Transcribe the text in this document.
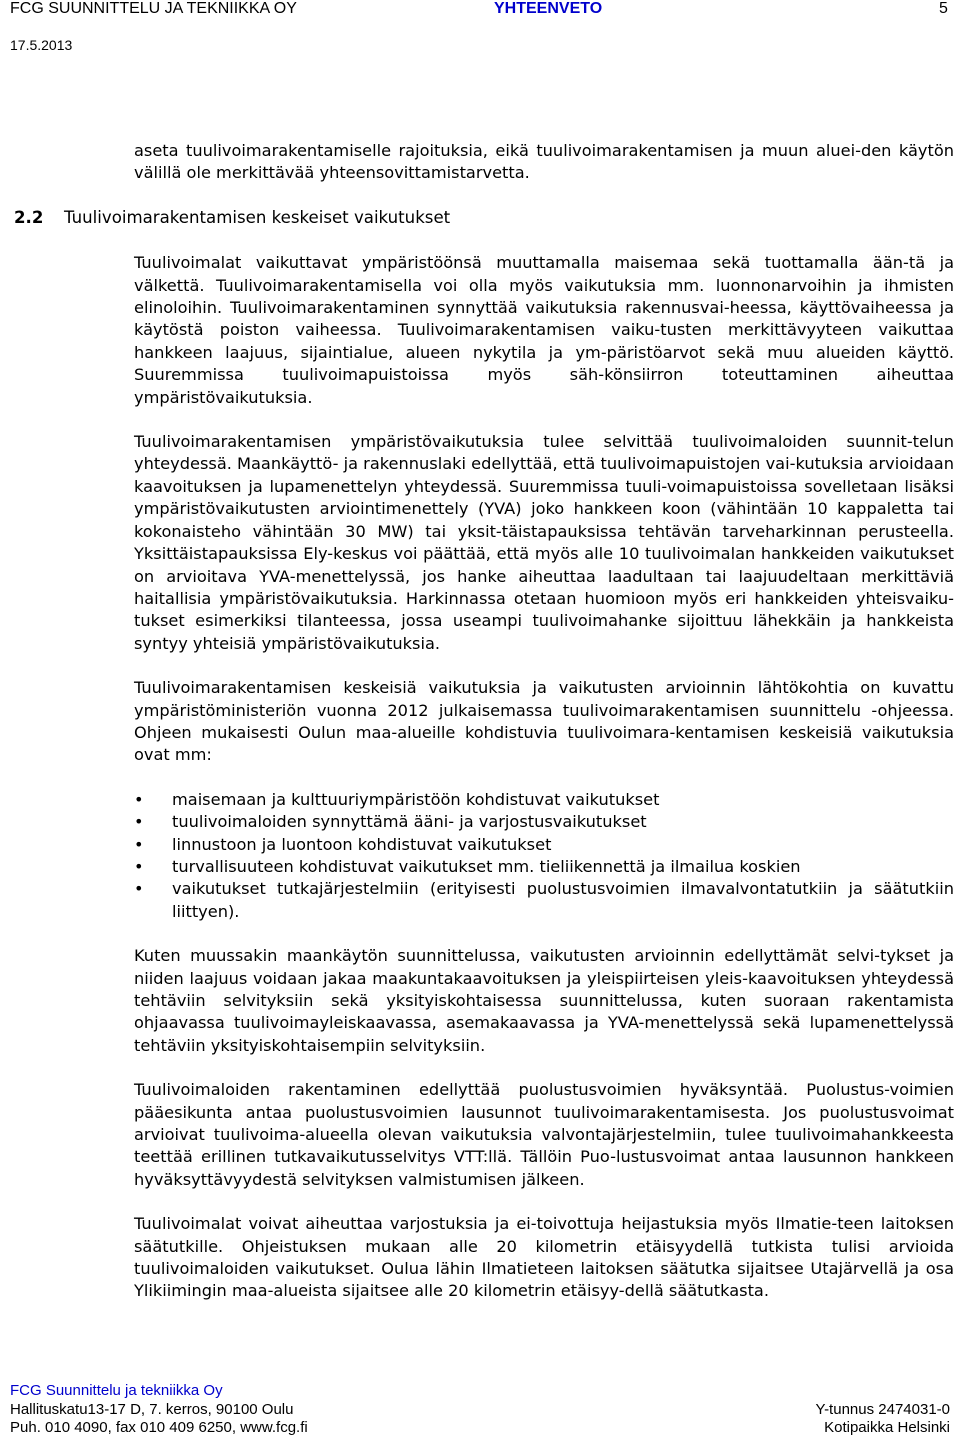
FCG SUUNNITTELU JA TEKNIIKKA OY	YHTEENVETO	5
17.5.2013

aseta tuulivoimarakentamiselle rajoituksia, eikä tuulivoimarakentamisen ja muun aluei-den käytön välillä ole merkittävää yhteensovittamistarvetta.

2.2 Tuulivoimarakentamisen keskeiset vaikutukset

Tuulivoimalat vaikuttavat ympäristöönsä muuttamalla maisemaa sekä tuottamalla ään-tä ja välkettä. Tuulivoimarakentamisella voi olla myös vaikutuksia mm. luonnonarvoihin ja ihmisten elinoloihin. Tuulivoimarakentaminen synnyttää vaikutuksia rakennusvai-heessa, käyttövaiheessa ja käytöstä poiston vaiheessa. Tuulivoimarakentamisen vaiku-tusten merkittävyyteen vaikuttaa hankkeen laajuus, sijaintialue, alueen nykytila ja ym-päristöarvot sekä muu alueiden käyttö. Suuremmissa tuulivoimapuistoissa myös säh-könsiirron toteuttaminen aiheuttaa ympäristövaikutuksia.

Tuulivoimarakentamisen ympäristövaikutuksia tulee selvittää tuulivoimaloiden suunnit-telun yhteydessä. Maankäyttö- ja rakennuslaki edellyttää, että tuulivoimapuistojen vai-kutuksia arvioidaan kaavoituksen ja lupamenettelyn yhteydessä. Suuremmissa tuuli-voimapuistoissa sovelletaan lisäksi ympäristövaikutusten arviointimenettely (YVA) joko hankkeen koon (vähintään 10 kappaletta tai kokonaisteho vähintään 30 MW) tai yksit-täistapauksissa tehtävän tarveharkinnan perusteella. Yksittäistapauksissa Ely-keskus voi päättää, että myös alle 10 tuulivoimalan hankkeiden vaikutukset on arvioitava YVA-menettelyssä, jos hanke aiheuttaa laadultaan tai laajuudeltaan merkittäviä haitallisia ympäristövaikutuksia. Harkinnassa otetaan huomioon myös eri hankkeiden yhteisvaiku-tukset esimerkiksi tilanteessa, jossa useampi tuulivoimahanke sijoittuu lähekkäin ja hankkeista syntyy yhteisiä ympäristövaikutuksia.

Tuulivoimarakentamisen keskeisiä vaikutuksia ja vaikutusten arvioinnin lähtökohtia on kuvattu ympäristöministeriön vuonna 2012 julkaisemassa tuulivoimarakentamisen suunnittelu -ohjeessa. Ohjeen mukaisesti Oulun maa-alueille kohdistuvia tuulivoimara-kentamisen keskeisiä vaikutuksia ovat mm:

• maisemaan ja kulttuuriympäristöön kohdistuvat vaikutukset
• tuulivoimaloiden synnyttämä ääni- ja varjostusvaikutukset
• linnustoon ja luontoon kohdistuvat vaikutukset
• turvallisuuteen kohdistuvat vaikutukset mm. tieliikennettä ja ilmailua koskien
• vaikutukset tutkajärjestelmiin (erityisesti puolustusvoimien ilmavalvontatutkiin ja säätutkiin liittyen).

Kuten muussakin maankäytön suunnittelussa, vaikutusten arvioinnin edellyttämät selvi-tykset ja niiden laajuus voidaan jakaa maakuntakaavoituksen ja yleispiirteisen yleis-kaavoituksen yhteydessä tehtäviin selvityksiin sekä yksityiskohtaisessa suunnittelussa, kuten suoraan rakentamista ohjaavassa tuulivoimayleiskaavassa, asemakaavassa ja YVA-menettelyssä sekä lupamenettelyssä tehtäviin yksityiskohtaisempiin selvityksiin.

Tuulivoimaloiden rakentaminen edellyttää puolustusvoimien hyväksyntää. Puolustus-voimien pääesikunta antaa puolustusvoimien lausunnot tuulivoimarakentamisesta. Jos puolustusvoimat arvioivat tuulivoima-alueella olevan vaikutuksia valvontajärjestelmiin, tulee tuulivoimahankkeesta teettää erillinen tutkavaikutusselvitys VTT:llä. Tällöin Puo-lustusvoimat antaa lausunnon hankkeen hyväksyttävyydestä selvityksen valmistumisen jälkeen.

Tuulivoimalat voivat aiheuttaa varjostuksia ja ei-toivottuja heijastuksia myös Ilmatie-teen laitoksen säätutkille. Ohjeistuksen mukaan alle 20 kilometrin etäisyydellä tutkista tulisi arvioida tuulivoimaloiden vaikutukset. Oulua lähin Ilmatieteen laitoksen säätutka sijaitsee Utajärvellä ja osa Ylikiimingin maa-alueista sijaitsee alle 20 kilometrin etäisyy-dellä säätutkasta.

FCG Suunnittelu ja tekniikka Oy
Hallituskatu13-17 D, 7. kerros, 90100 Oulu
Puh. 010 4090, fax 010 409 6250, www.fcg.fi
Y-tunnus 2474031-0
Kotipaikka Helsinki
